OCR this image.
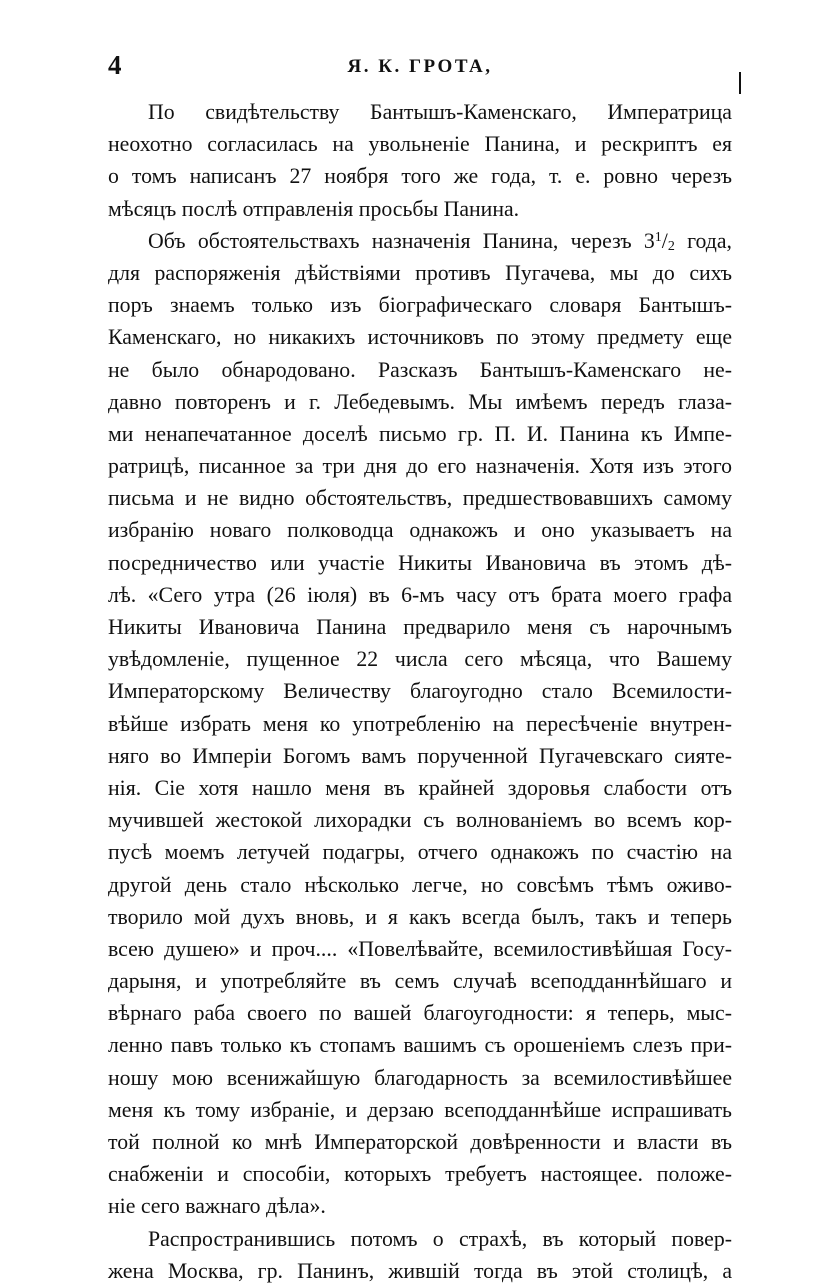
4	Я. К. ГРОТА,
По свидѣтельству Бантышъ-Каменскаго, Императрица
неохотно согласилась на увольненіе Панина, и рескриптъ ея
о томъ написанъ 27 ноября того же года, т. е. ровно черезъ
мѣсяцъ послѣ отправленія просьбы Панина.
Объ обстоятельствахъ назначенія Панина, черезъ $3^1/_2$ года,
для распоряженія дѣйствіями противъ Пугачева, мы до сихъ
поръ знаемъ только изъ біографическаго словаря Бантышъ-
Каменскаго, но никакихъ источниковъ по этому предмету еще
не было обнародовано. Разсказъ Бантышъ-Каменскаго не-
давно повторенъ и г. Лебедевымъ. Мы имѣемъ передъ глаза-
ми ненапечатанное доселѣ письмо гр. П. И. Панина къ Импе-
ратрицѣ, писанное за три дня до его назначенія. Хотя изъ этого
письма и не видно обстоятельствъ, предшествовавшихъ самому
избранію новаго полководца однакожъ и оно указываетъ на
посредничество или участіе Никиты Ивановича въ этомъ дѣ-
лѣ. «Сего утра (26 іюля) въ 6-мъ часу отъ брата моего графа
Никиты Ивановича Панина предварило меня съ нарочнымъ
увѣдомленіе, пущенное 22 числа сего мѣсяца, что Вашему
Императорскому Величеству благоугодно стало Всемилости-
вѣйше избрать меня ко употребленію на пересѣченіе внутрен-
няго во Имперіи Богомъ вамъ порученной Пугачевскаго сияте-
нія. Сіе хотя нашло меня въ крайней здоровья слабости отъ
мучившей жестокой лихорадки съ волнованіемъ во всемъ кор-
пусѣ моемъ летучей подагры, отчего однакожъ по счастію на
другой день стало нѣсколько легче, но совсѣмъ тѣмъ оживо-
творило мой духъ вновь, и я какъ всегда былъ, такъ и теперь
всею душею» и проч.... «Повелѣвайте, всемилостивѣйшая Госу-
дарыня, и употребляйте въ семъ случаѣ всеподданнѣйшаго и
вѣрнаго раба своего по вашей благоугодности: я теперь, мыс-
ленно павъ только къ стопамъ вашимъ съ орошеніемъ слезъ при-
ношу мою всенижайшую благодарность за всемилостивѣйшее
меня къ тому избраніе, и дерзаю всеподданнѣйше испрашивать
той полной ко мнѣ Императорской довѣренности и власти въ
снабженіи и способіи, которыхъ требуетъ настоящее. положе-
ніе сего важнаго дѣла».
Распространившись потомъ о страхѣ, въ который повер-
жена Москва, гр. Панинъ, жившій тогда въ этой столицѣ, а
